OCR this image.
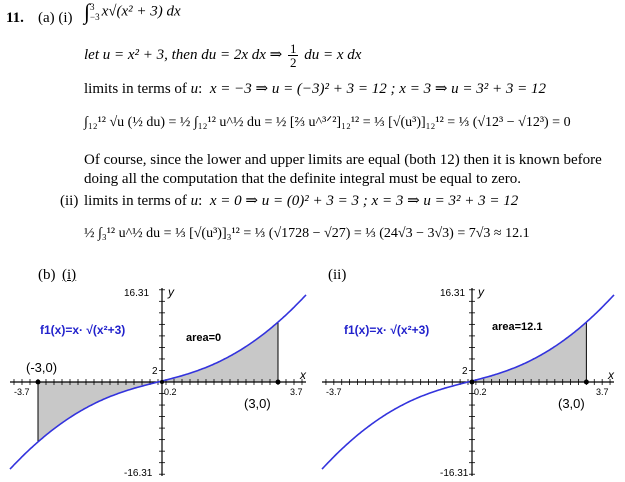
11. (a) (i) ∫ 3
−3 x√(x² + 3) dx
let u = x² + 3, then du = 2x dx ⇒ $\frac{1}{2}$ du = x dx
limits in terms of u:  x = −3 ⇒ u = (−3)² + 3 = 12 ; x = 3 ⇒ u = 3² + 3 = 12
∫₁₂¹² √u (½ du) = ½ ∫₁₂¹² u^½ du = ½ [⅔ u^³ᐟ²]₁₂¹² = ⅓ [√(u³)]₁₂¹² = ⅓ (√12³ − √12³) = 0
Of course, since the lower and upper limits are equal (both 12) then it is known before
doing all the computation that the definite integral must be equal to zero.
(ii) limits in terms of u:  x = 0 ⇒ u = (0)² + 3 = 3 ; x = 3 ⇒ u = 3² + 3 = 12
½ ∫₃¹² u^½ du = ⅓ [√(u³)]₃¹² = ⅓ (√1728 − √27) = ⅓ (24√3 − 3√3) = 7√3 ≈ 12.1
(b) (i)	(ii)
y
x
16.31
-16.31
2
-3.7	3.7
0.2
(-3,0)
(3,0)
f1(x)=x· √(x²+3)
area=0
y
x
16.31
-16.31
2
-3.7	3.7
0.2
(3,0)
f1(x)=x· √(x²+3)	area=12.1
